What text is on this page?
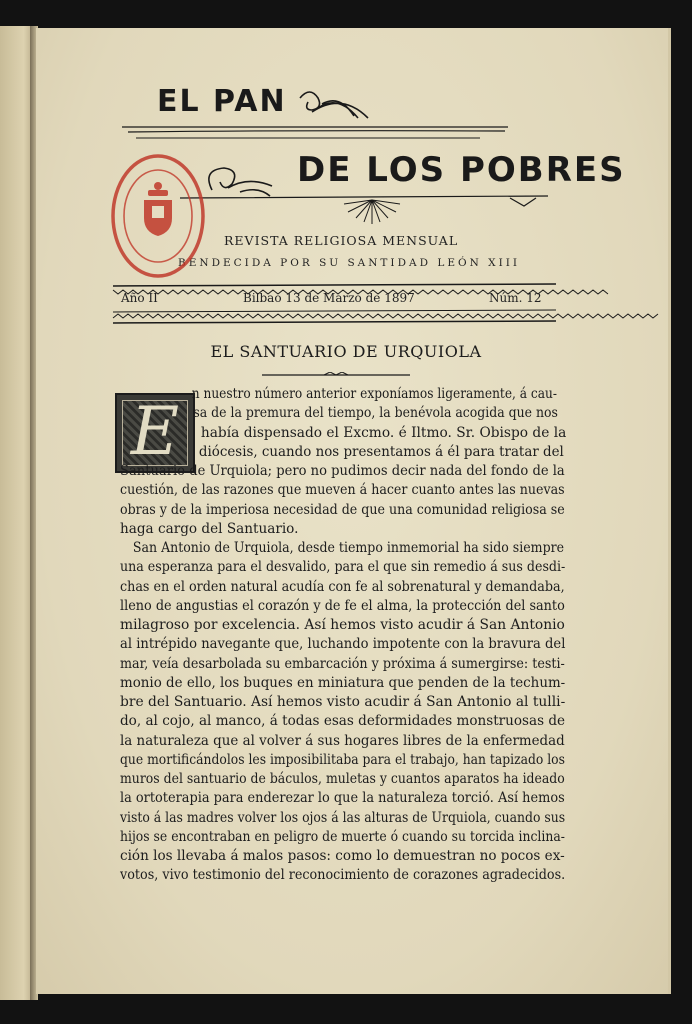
EL PAN
DE LOS POBRES
REVISTA RELIGIOSA MENSUAL
BENDECIDA POR SU SANTIDAD LEÓN XIII
Año II	Bilbao 13 de Marzo de 1897	Núm. 12
EL SANTUARIO DE URQUIOLA
E n nuestro número anterior exponíamos ligeramente, á cau-
sa de la premura del tiempo, la benévola acogida que nos
había dispensado el Excmo. é Iltmo. Sr. Obispo de la
diócesis, cuando nos presentamos á él para tratar del
Santuario de Urquiola; pero no pudimos decir nada del fondo de la
cuestión, de las razones que mueven á hacer cuanto antes las nuevas
obras y de la imperiosa necesidad de que una comunidad religiosa se
haga cargo del Santuario.
San Antonio de Urquiola, desde tiempo inmemorial ha sido siempre
una esperanza para el desvalido, para el que sin remedio á sus desdi-
chas en el orden natural acudía con fe al sobrenatural y demandaba,
lleno de angustias el corazón y de fe el alma, la protección del santo
milagroso por excelencia. Así hemos visto acudir á San Antonio
al intrépido navegante que, luchando impotente con la bravura del
mar, veía desarbolada su embarcación y próxima á sumergirse: testi-
monio de ello, los buques en miniatura que penden de la techum-
bre del Santuario. Así hemos visto acudir á San Antonio al tulli-
do, al cojo, al manco, á todas esas deformidades monstruosas de
la naturaleza que al volver á sus hogares libres de la enfermedad
que mortificándolos les imposibilitaba para el trabajo, han tapizado los
muros del santuario de báculos, muletas y cuantos aparatos ha ideado
la ortoterapia para enderezar lo que la naturaleza torció. Así hemos
visto á las madres volver los ojos á las alturas de Urquiola, cuando sus
hijos se encontraban en peligro de muerte ó cuando su torcida inclina-
ción los llevaba á malos pasos: como lo demuestran no pocos ex-
votos, vivo testimonio del reconocimiento de corazones agradecidos.
